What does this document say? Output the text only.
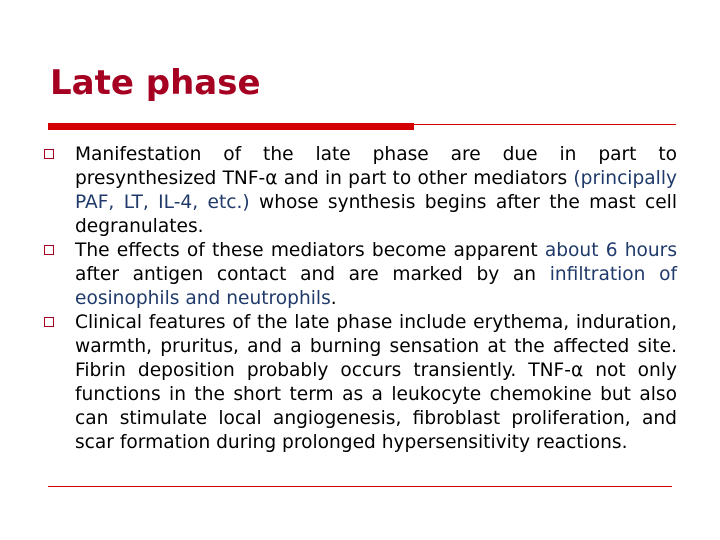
Late phase
Manifestation of the late phase are due in part to presynthesized TNF-α and in part to other mediators (principally PAF, LT, IL-4, etc.) whose synthesis begins after the mast cell degranulates.
The effects of these mediators become apparent about 6 hours after antigen contact and are marked by an infiltration of eosinophils and neutrophils.
Clinical features of the late phase include erythema, induration, warmth, pruritus, and a burning sensation at the affected site. Fibrin deposition probably occurs transiently. TNF-α not only functions in the short term as a leukocyte chemokine but also can stimulate local angiogenesis, fibroblast proliferation, and scar formation during prolonged hypersensitivity reactions.
